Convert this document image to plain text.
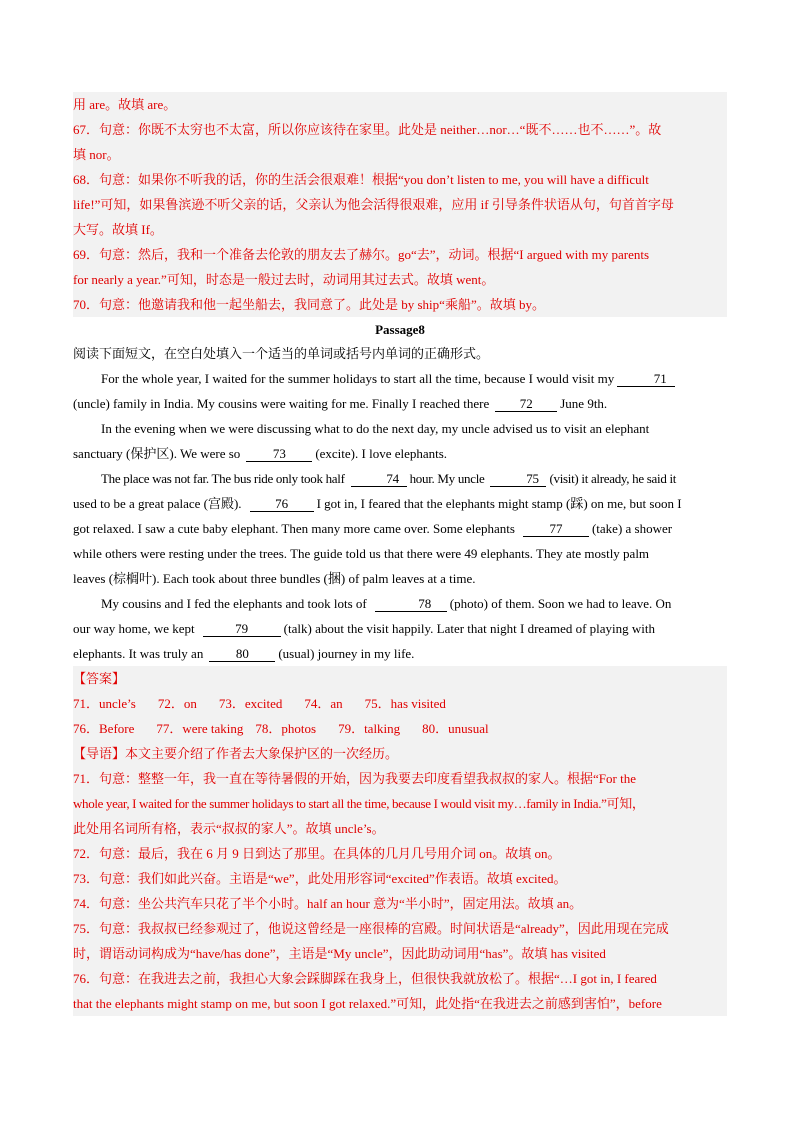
用 are。故填 are。
67．句意：你既不太穷也不太富，所以你应该待在家里。此处是 neither…nor…“既不……也不……”。故
填 nor。
68．句意：如果你不听我的话，你的生活会很艰难！根据“you don’t listen to me, you will have a difficult
life!”可知，如果鲁滨逊不听父亲的话，父亲认为他会活得很艰难，应用 if 引导条件状语从句，句首首字母
大写。故填 If。
69．句意：然后，我和一个准备去伦敦的朋友去了赫尔。go“去”，动词。根据“I argued with my parents
for nearly a year.”可知，时态是一般过去时，动词用其过去式。故填 went。
70．句意：他邀请我和他一起坐船去，我同意了。此处是 by ship“乘船”。故填 by。
Passage8
阅读下面短文，在空白处填入一个适当的单词或括号内单词的正确形式。
For the whole year, I waited for the summer holidays to start all the time, because I would visit my	71
(uncle) family in India. My cousins were waiting for me. Finally I reached there 72 June 9th.
In the evening when we were discussing what to do the next day, my uncle advised us to visit an elephant
sanctuary (保护区). We were so	73 (excite). I love elephants.
The place was not far. The bus ride only took half	74 hour. My uncle	75 (visit) it already, he said it
used to be a great palace (宫殿).	76 I got in, I feared that the elephants might stamp (踩) on me, but soon I
got relaxed. I saw a cute baby elephant. Then many more came over. Some elephants	77 (take) a shower
while others were resting under the trees. The guide told us that there were 49 elephants. They ate mostly palm
leaves (棕榈叶). Each took about three bundles (捆) of palm leaves at a time.
My cousins and I fed the elephants and took lots of	78 (photo) of them. Soon we had to leave. On
our way home, we kept	79	(talk) about the visit happily. Later that night I dreamed of playing with
elephants. It was truly an	80 (usual) journey in my life.
【答案】
71．uncle’s 72．on 73．excited 74．an 75．has visited
76．Before 77．were taking 78．photos 79．talking 80．unusual
【导语】本文主要介绍了作者去大象保护区的一次经历。
71．句意：整整一年，我一直在等待暑假的开始，因为我要去印度看望我叔叔的家人。根据“For the
whole year, I waited for the summer holidays to start all the time, because I would visit my…family in India.”可知，
此处用名词所有格，表示“叔叔的家人”。故填 uncle’s。
72．句意：最后，我在 6 月 9 日到达了那里。在具体的几月几号用介词 on。故填 on。
73．句意：我们如此兴奋。主语是“we”，此处用形容词“excited”作表语。故填 excited。
74．句意：坐公共汽车只花了半个小时。half an hour 意为“半小时”，固定用法。故填 an。
75．句意：我叔叔已经参观过了，他说这曾经是一座很棒的宫殿。时间状语是“already”，因此用现在完成
时，谓语动词构成为“have/has done”，主语是“My uncle”，因此助动词用“has”。故填 has visited
76．句意：在我进去之前，我担心大象会踩脚踩在我身上，但很快我就放松了。根据“…I got in, I feared
that the elephants might stamp on me, but soon I got relaxed.”可知，此处指“在我进去之前感到害怕”，before
